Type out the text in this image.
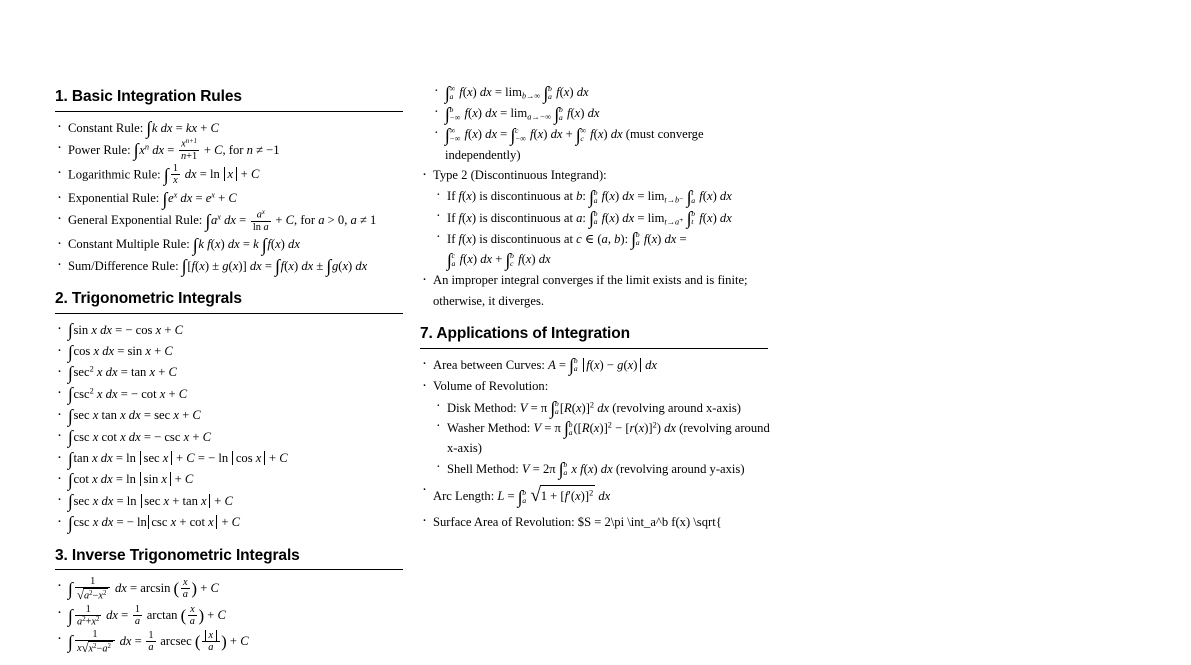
1. Basic Integration Rules
· Constant Rule: ∫k dx = kx + C
· Power Rule: $\int x^n$ dx = $\frac{x^{n+1}}{n+1} + C$, for n ≠ −1
· Logarithmic Rule: ∫ $\frac{1}{x}$ dx = ln x + C
· Exponential Rule: $\int e^x$ dx = $e^x + C$
· General Exponential Rule: $\int a^x$ dx = $\frac{a^x}{\text{ln a}} + C$, for a > 0, a ≠ 1
· Constant Multiple Rule: ∫k f(x) dx = k ∫f(x) dx
· Sum/Difference Rule: ∫[f(x) ± g(x)] dx = ∫f(x) dx ± ∫g(x) dx
2. Trigonometric Integrals
· ∫sin x dx = − cos x + C
· ∫cos x dx = sin x + C
· $\int\sec^2$ x dx = tan x + C
· $\int\csc^2$ x dx = − cot x + C
· ∫sec x tan x dx = sec x + C
· ∫csc x cot x dx = − csc x + C
· ∫tan x dx = ln sec x + C = − ln cos x + C
· ∫cot x dx = ln sin x + C
· ∫sec x dx = ln sec x + tan x + C
· ∫csc x dx = − ln csc x + cot x + C
3. Inverse Trigonometric Integrals
· ∫ $\frac{1}{√a^2-x^2}$ dx = arcsin ( $\frac{x}{a}$ ) + C
· ∫ $\frac{1}{a^2+x^2}$ dx = $\frac{1}{a}$ arctan ( $\frac{x}{a}$ ) + C
· ∫ $\frac{1}{x√x^2-a^2}$ dx = $\frac{1}{a}$ arcsec ( $\frac{x}{a}$ ) + C
· ∫ ∞
a f(x) dx = $\lim_{b\to\infty}$ ∫ b
a f(x) dx
· ∫ b
−∞ f(x) dx = $\lim_{a\to-\infty}$ ∫ b
a f(x) dx
· ∫ ∞
−∞ f(x) dx = ∫ c
−∞ f(x) dx + ∫ ∞
c f(x) dx (must converge independently)
· Type 2 (Discontinuous Integrand):
· If f(x) is discontinuous at b: ∫ b
a f(x) dx = $\lim_{t\to b^-}$ ∫ t
a f(x) dx
· If f(x) is discontinuous at a: ∫ b
a f(x) dx = $\lim_{t\to a^+}$ ∫ b
t f(x) dx
· If f(x) is discontinuous at c ∈ (a, b): ∫ b
a f(x) dx = ∫ c
a f(x) dx + ∫ b
c f(x) dx
· An improper integral converges if the limit exists and is finite; otherwise, it diverges.
7. Applications of Integration
· Area between Curves: A = ∫ b
a f(x) − g(x) dx
· Volume of Revolution:
· Disk Method: V = π ∫ b
a $[R(x)]^2$ dx (revolving around x-axis)
· Washer Method: V = π ∫ b
a $([R(x)]^2 - [r(x)]^2)$ dx (revolving around x-axis)
· Shell Method: V = 2π ∫ b
a x f(x) dx (revolving around y-axis)
· Arc Length: L = ∫ b
a $√1 + [f'(x)]^2$ dx
· Surface Area of Revolution: $S = 2\pi \int_a^b f(x) \sqrt{
